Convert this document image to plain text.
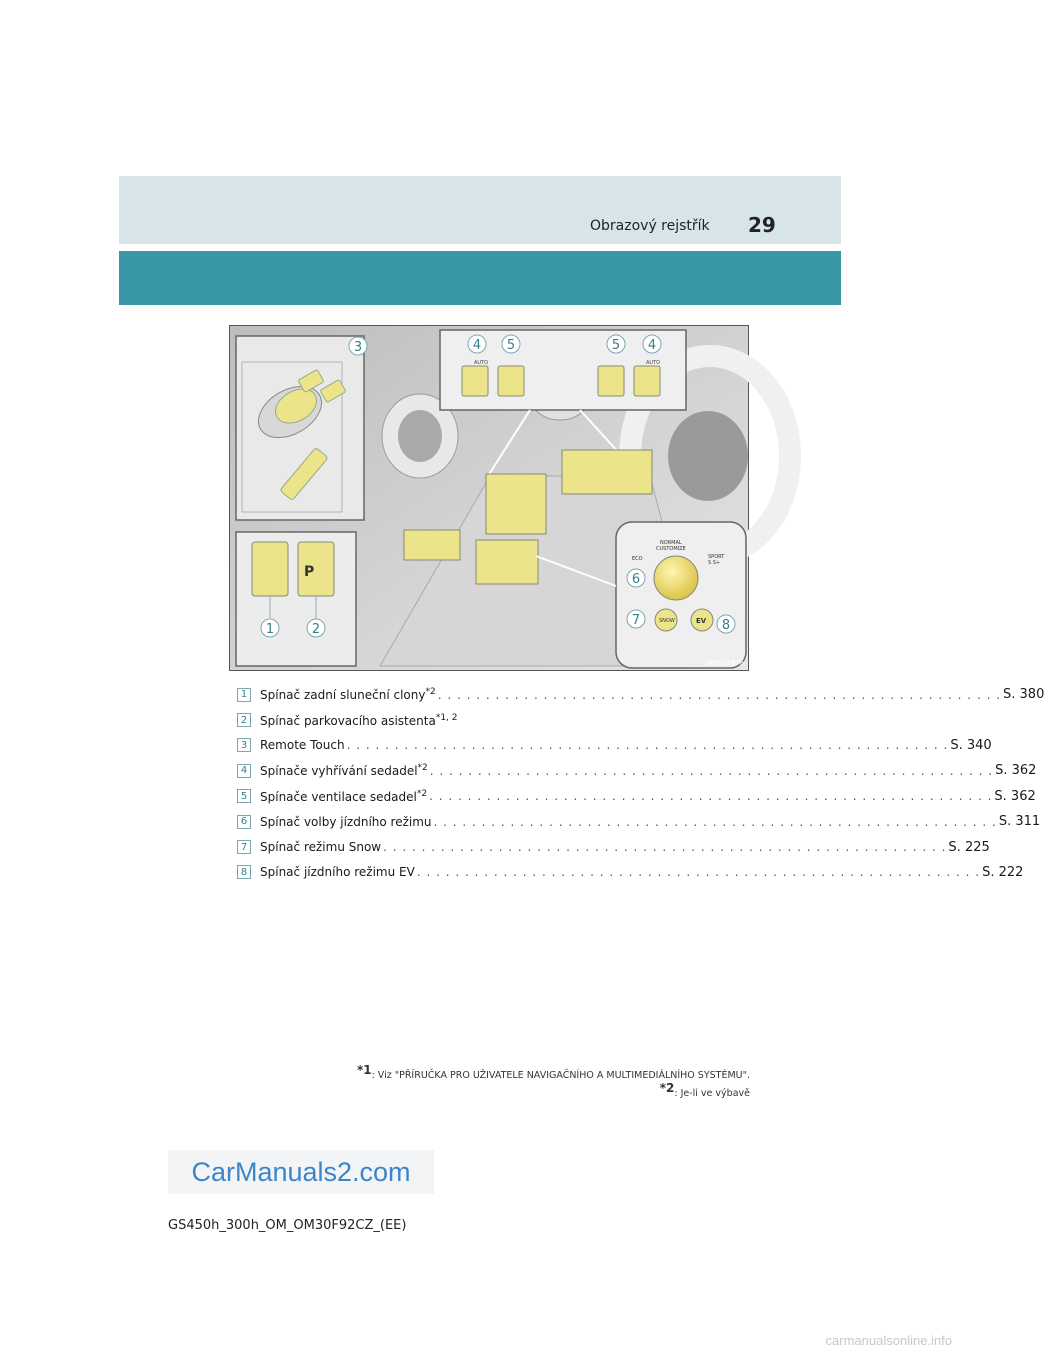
Obrazový rejstřík 29
AUTO	AUTO
P
ECO
NORMAL
CUSTOMIZE
SPORT
S S+
SNOW	EV
3	4 5	5 4
1	2
6
7	8
INPGS167a
1	Spínač zadní sluneční clony$^{*2}$ . . . . . . . . . . . . . . . . . . . . . . . . . . . . . . . . . . . . . . . . . . . . . . . . . . . . . . . . . . . S. 380
2	Spínač parkovacího asistenta$^{*1, 2}$
3	Remote Touch . . . . . . . . . . . . . . . . . . . . . . . . . . . . . . . . . . . . . . . . . . . . . . . . . . . . . . . . . . . . . . . S. 340
4	Spínače vyhřívání sedadel$^{*2}$ . . . . . . . . . . . . . . . . . . . . . . . . . . . . . . . . . . . . . . . . . . . . . . . . . . . . . . . . . . . S. 362
5	Spínače ventilace sedadel$^{*2}$ . . . . . . . . . . . . . . . . . . . . . . . . . . . . . . . . . . . . . . . . . . . . . . . . . . . . . . . . . . . S. 362
6	Spínač volby jízdního režimu . . . . . . . . . . . . . . . . . . . . . . . . . . . . . . . . . . . . . . . . . . . . . . . . . . . . . . . . . . . S. 311
7	Spínač režimu Snow . . . . . . . . . . . . . . . . . . . . . . . . . . . . . . . . . . . . . . . . . . . . . . . . . . . . . . . . . . . S. 225
8	Spínač jízdního režimu EV . . . . . . . . . . . . . . . . . . . . . . . . . . . . . . . . . . . . . . . . . . . . . . . . . . . . . . . . . . . S. 222
$^{*1}$: Viz "PŘÍRUČKA PRO UŽIVATELE NAVIGAČNÍHO A MULTIMEDIÁLNÍHO SYSTÉMU".
$^{*2}$: Je-li ve výbavě
CarManuals2.com
GS450h_300h_OM_OM30F92CZ_(EE)
carmanualsonline.info
